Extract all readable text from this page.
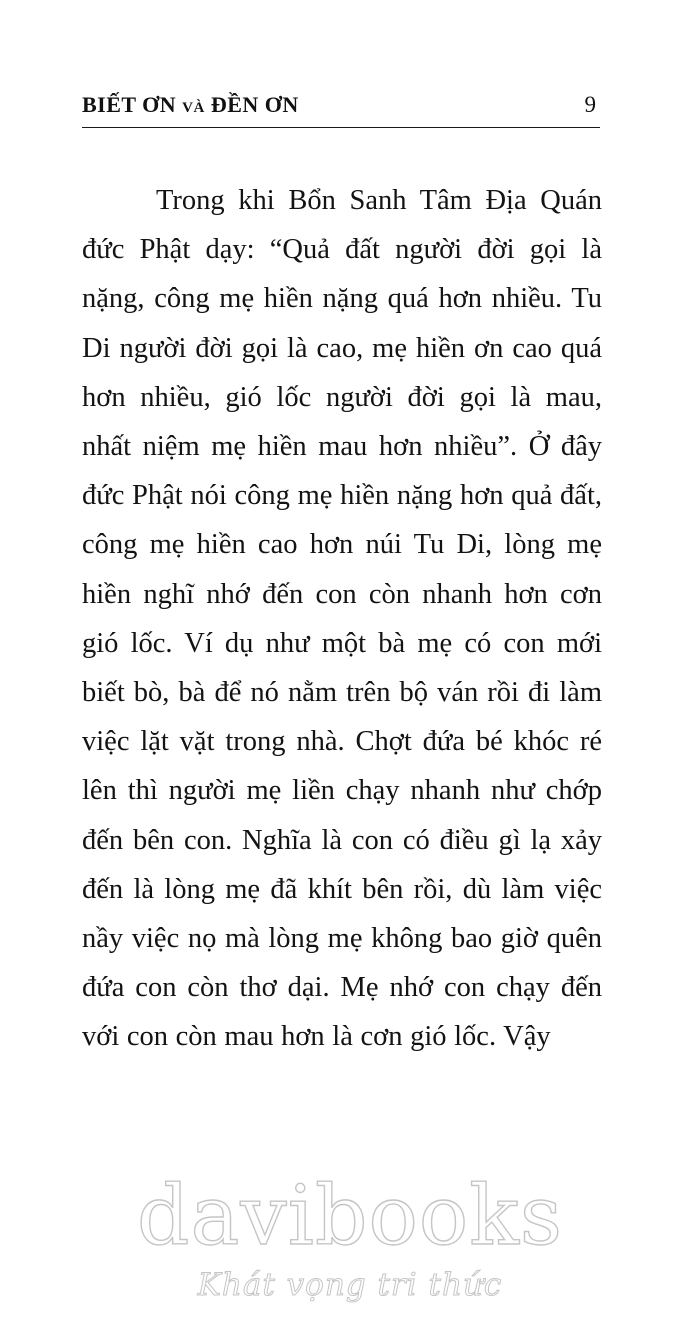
BIẾT ƠN và ĐỀN ƠN	9

Trong khi Bổn Sanh Tâm Địa Quán đức Phật dạy: “Quả đất người đời gọi là nặng, công mẹ hiền nặng quá hơn nhiều. Tu Di người đời gọi là cao, mẹ hiền ơn cao quá hơn nhiều, gió lốc người đời gọi là mau, nhất niệm mẹ hiền mau hơn nhiều”. Ở đây đức Phật nói công mẹ hiền nặng hơn quả đất, công mẹ hiền cao hơn núi Tu Di, lòng mẹ hiền nghĩ nhớ đến con còn nhanh hơn cơn gió lốc. Ví dụ như một bà mẹ có con mới biết bò, bà để nó nằm trên bộ ván rồi đi làm việc lặt vặt trong nhà. Chợt đứa bé khóc ré lên thì người mẹ liền chạy nhanh như chớp đến bên con. Nghĩa là con có điều gì lạ xảy đến là lòng mẹ đã khít bên rồi, dù làm việc nầy việc nọ mà lòng mẹ không bao giờ quên đứa con còn thơ dại. Mẹ nhớ con chạy đến với con còn mau hơn là cơn gió lốc. Vậy

davibooks
Khát vọng tri thức
